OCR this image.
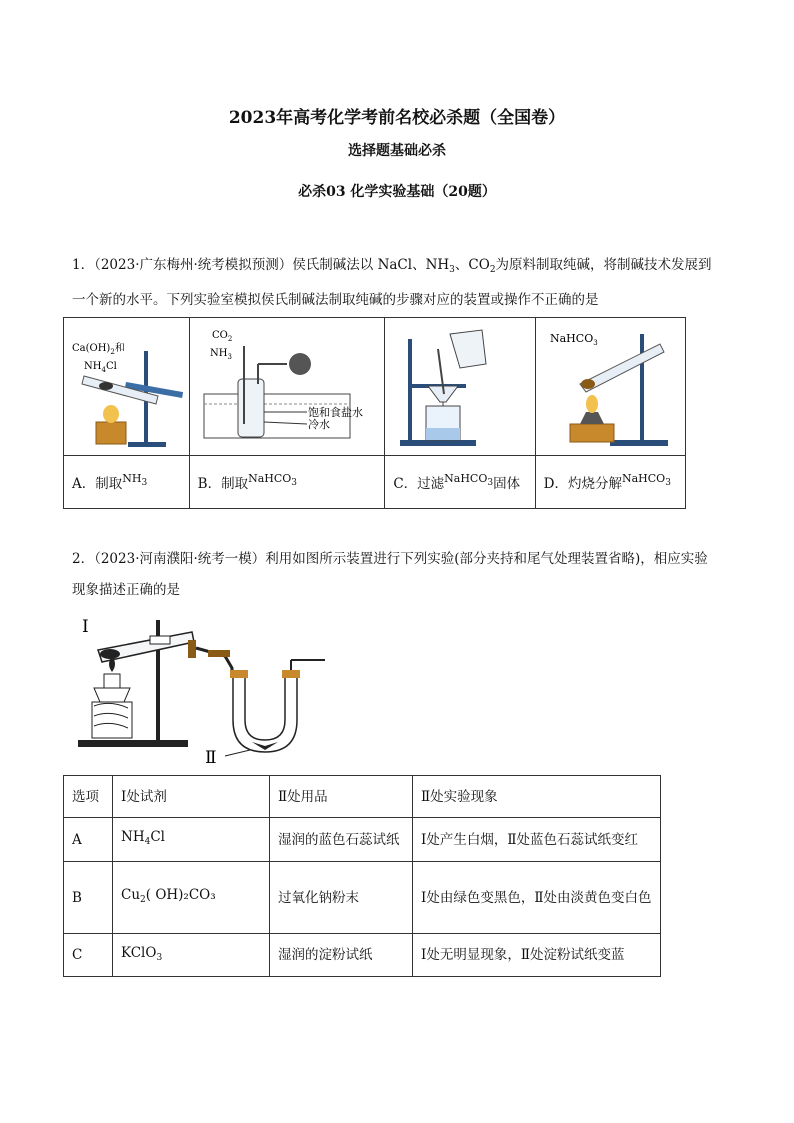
2023年高考化学考前名校必杀题（全国卷）
选择题基础必杀
必杀03 化学实验基础（20题）
1．（2023·广东梅州·统考模拟预测）侯氏制碱法以 NaCl、$NH_3$、$CO_2$为原料制取纯碱，将制碱技术发展到
一个新的水平。下列实验室模拟侯氏制碱法制取纯碱的步骤对应的装置或操作不正确的是
$Ca(OH)_2$和
$NH_4Cl$	$CO_2$
$NH_3$
饱和食盐水
冷水		NaHCO$_3$

A．制取$^{NH_3}$	B．制取$^{NaHCO_3}$	C．过滤$^{NaHCO_3}$固体	D．灼烧分解$^{NaHCO_3}$
2．（2023·河南濮阳·统考一模）利用如图所示装置进行下列实验(部分夹持和尾气处理装置省略)，相应实验
现象描述正确的是
Ⅰ
Ⅱ
选项	Ⅰ处试剂	Ⅱ处用品	Ⅱ处实验现象
A	$NH_4Cl$	湿润的蓝色石蕊试纸	Ⅰ处产生白烟，Ⅱ处蓝色石蕊试纸变红
B	$Cu_2$( OH)₂CO₃	过氧化钠粉末	Ⅰ处由绿色变黑色，Ⅱ处由淡黄色变白色
C	KClO$_3$	湿润的淀粉试纸	Ⅰ处无明显现象，Ⅱ处淀粉试纸变蓝
